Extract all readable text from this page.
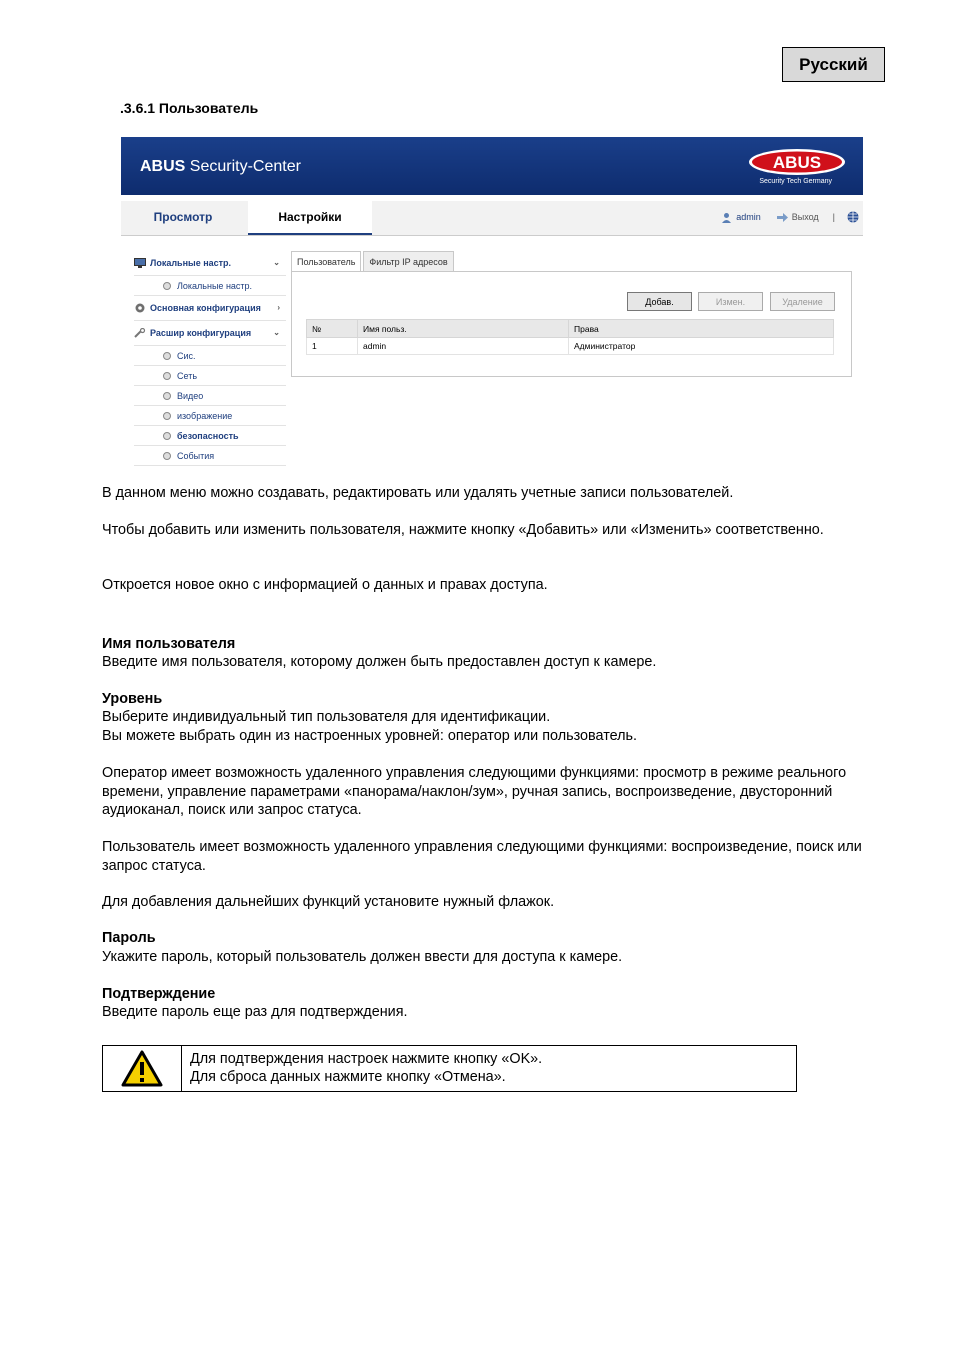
Русский
.3.6.1 Пользователь
ABUS Security-Center	ABUS
Security Tech Germany
Просмотр	Настройки	admin	Выход |
Локальные настр.	⌄
Локальные настр.
Основная конфигурация ›
Расшир конфигурация	⌄
Сис.
Сеть
Видео
изображение
безопасность
События
Пользователь	Фильтр IP адресов
Добав.	Измен.	Удаление
№	Имя польз.	Права
1	admin	Администратор
В данном меню можно создавать, редактировать или удалять учетные записи пользователей.
Чтобы добавить или изменить пользователя, нажмите кнопку «Добавить» или «Изменить» соответственно.
Откроется новое окно с информацией о данных и правах доступа.
Имя пользователя
Введите имя пользователя, которому должен быть предоставлен доступ к камере.
Уровень
Выберите индивидуальный тип пользователя для идентификации.
Вы можете выбрать один из настроенных уровней: оператор или пользователь.
Оператор имеет возможность удаленного управления следующими функциями: просмотр в режиме реального времени, управление параметрами «панорама/наклон/зум», ручная запись, воспроизведение, двусторонний аудиоканал, поиск или запрос статуса.
Пользователь имеет возможность удаленного управления следующими функциями: воспроизведение, поиск или запрос статуса.
Для добавления дальнейших функций установите нужный флажок.
Пароль
Укажите пароль, который пользователь должен ввести для доступа к камере.
Подтверждение
Введите пароль еще раз для подтверждения.
Для подтверждения настроек нажмите кнопку «OK».
Для сброса данных нажмите кнопку «Отмена».
